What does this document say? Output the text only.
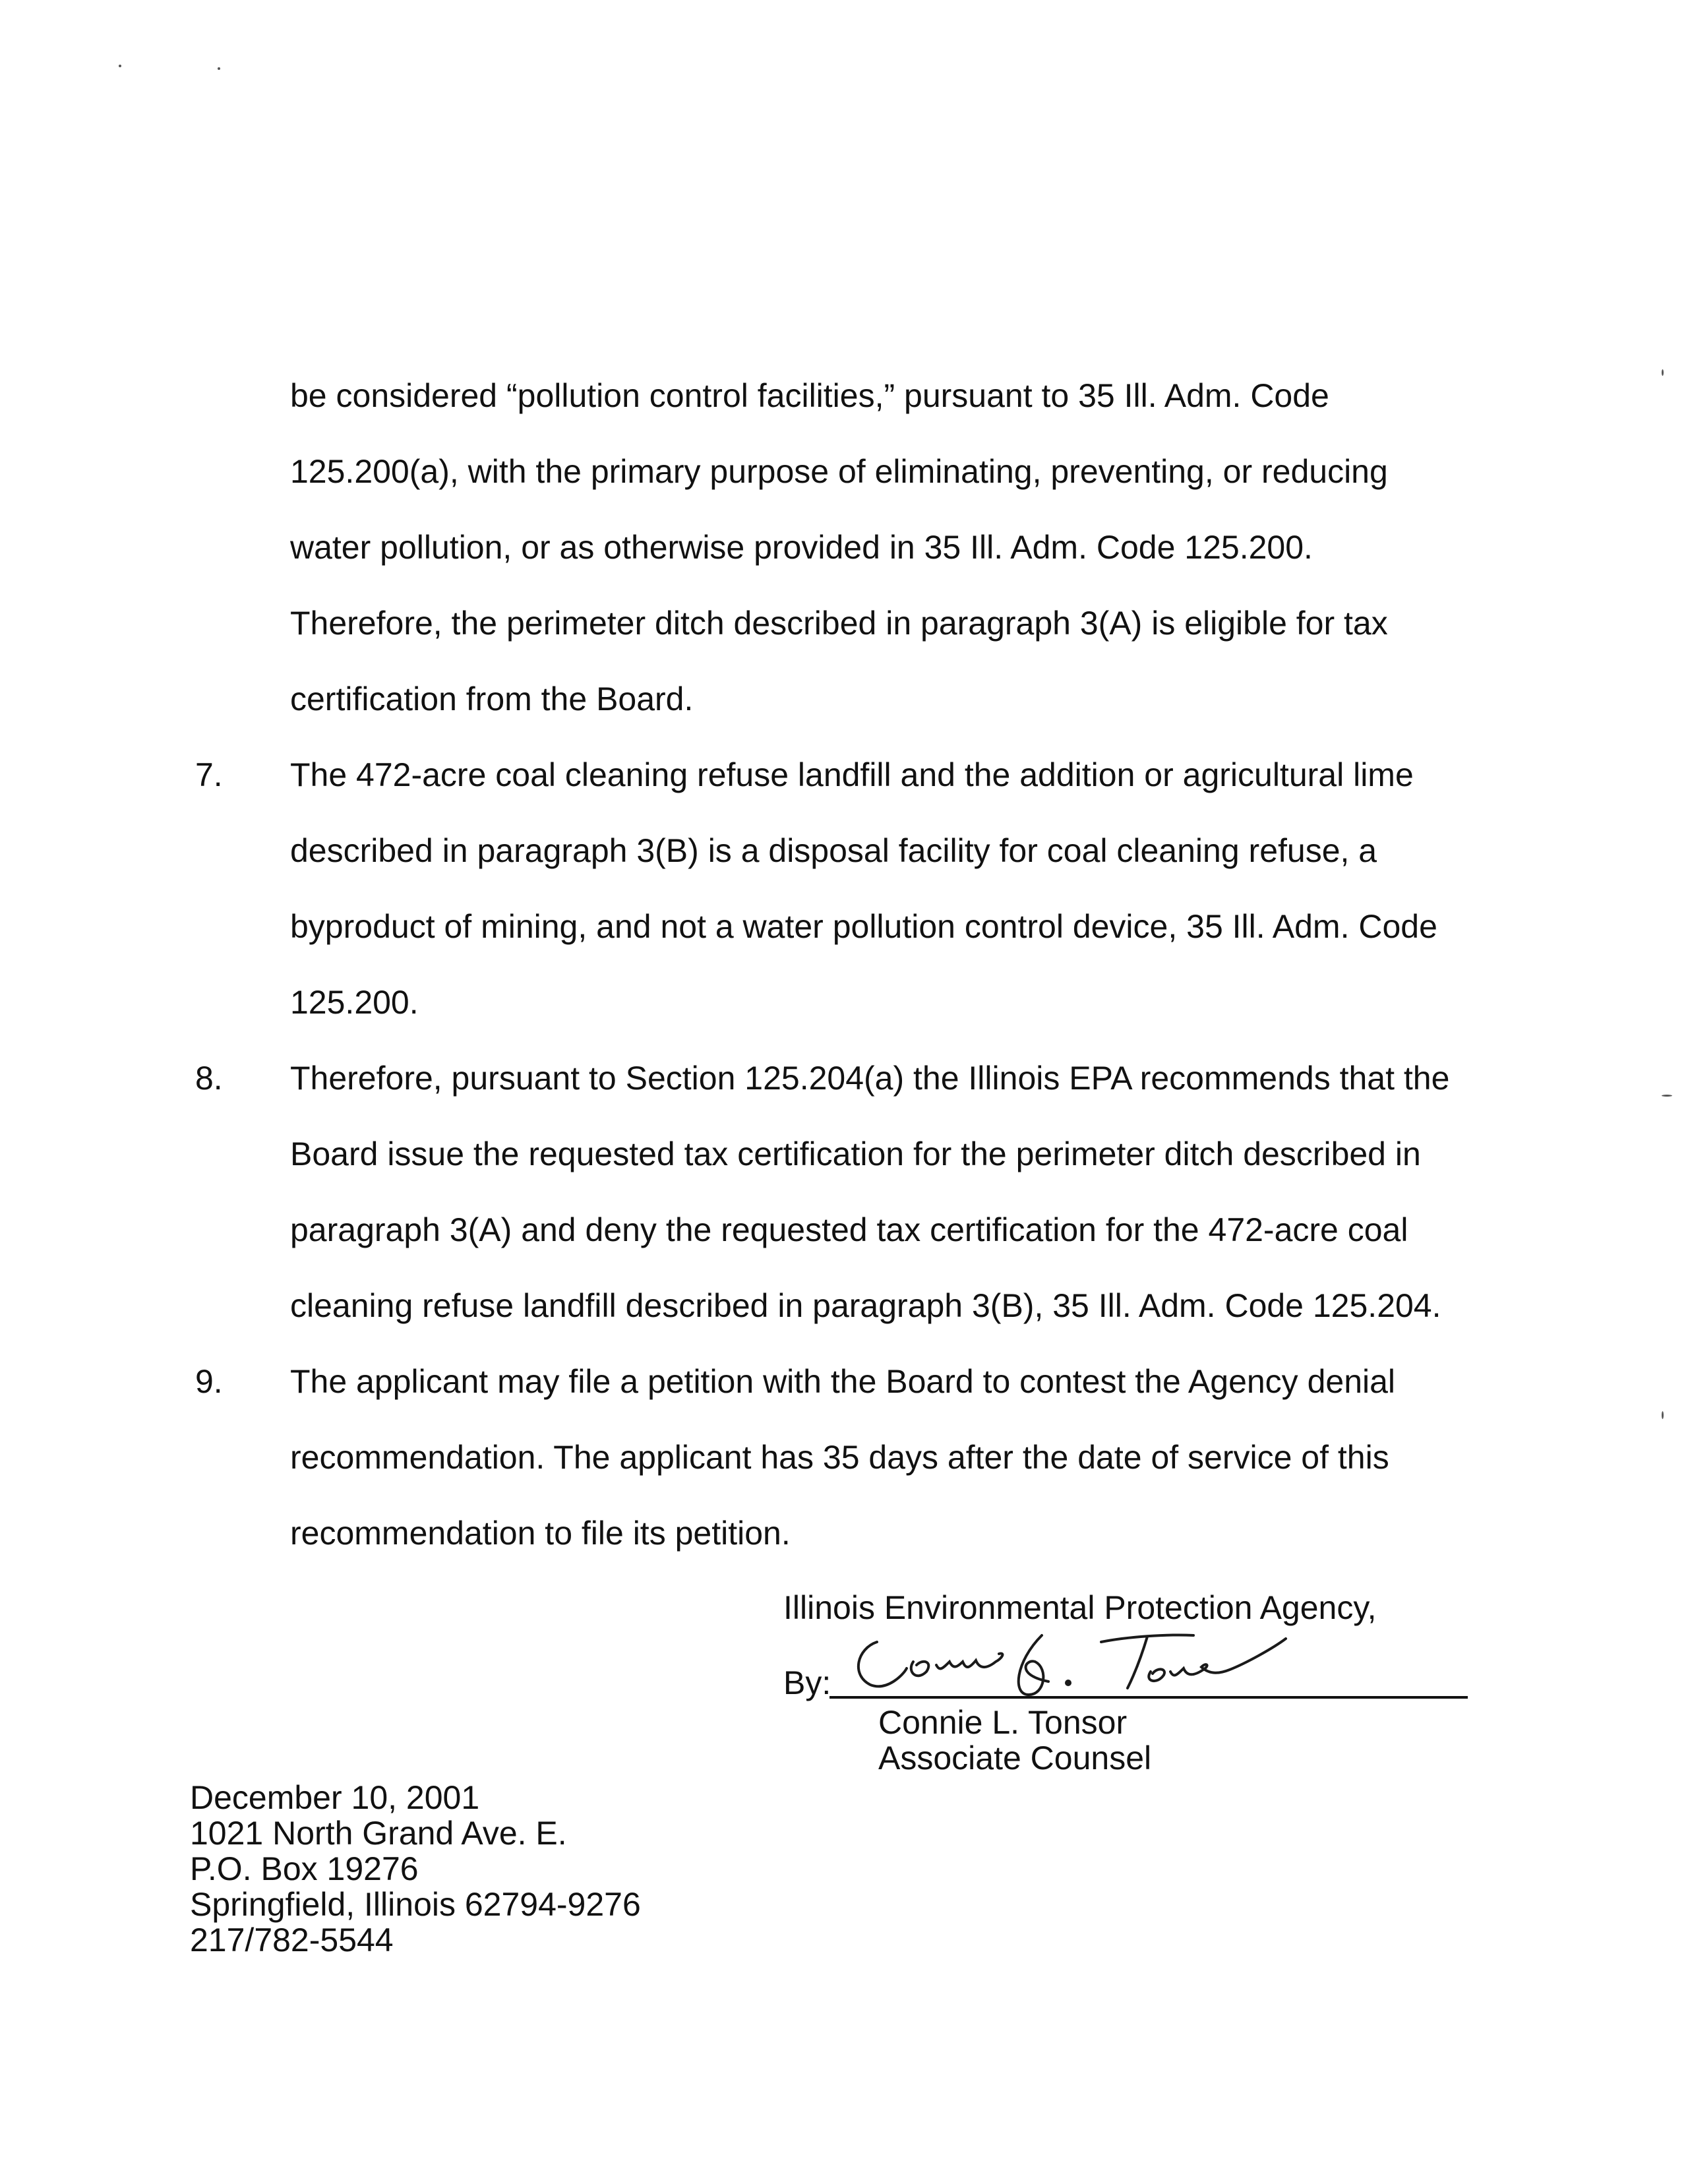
be considered “pollution control facilities,” pursuant to 35 Ill. Adm. Code
125.200(a), with the primary purpose of eliminating, preventing, or reducing
water pollution, or as otherwise provided in 35 Ill. Adm. Code 125.200.
Therefore, the perimeter ditch described in paragraph 3(A) is eligible for tax
certification from the Board.
7. The 472-acre coal cleaning refuse landfill and the addition or agricultural lime
described in paragraph 3(B) is a disposal facility for coal cleaning refuse, a
byproduct of mining, and not a water pollution control device, 35 Ill. Adm. Code
125.200.
8. Therefore, pursuant to Section 125.204(a) the Illinois EPA recommends that the
Board issue the requested tax certification for the perimeter ditch described in
paragraph 3(A) and deny the requested tax certification for the 472-acre coal
cleaning refuse landfill described in paragraph 3(B), 35 Ill. Adm. Code 125.204.
9. The applicant may file a petition with the Board to contest the Agency denial
recommendation. The applicant has 35 days after the date of service of this
recommendation to file its petition.
Illinois Environmental Protection Agency,
By:
Connie L. Tonsor
Associate Counsel
December 10, 2001
1021 North Grand Ave. E.
P.O. Box 19276
Springfield, Illinois 62794-9276
217/782-5544
